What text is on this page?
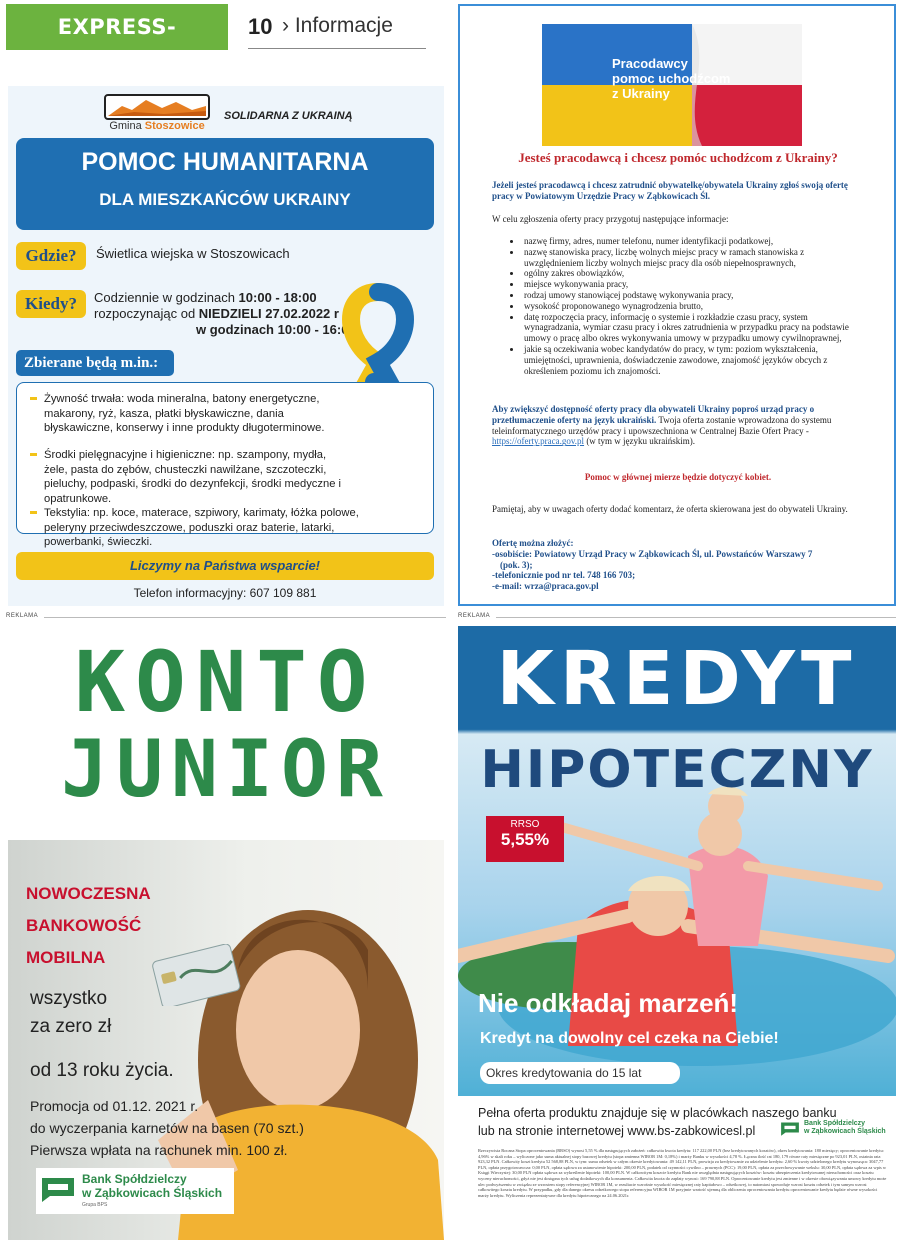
EXPRESS-MIEJSKI.PL
10 › Informacje
Gmina Stoszowice
SOLIDARNA Z UKRAINĄ
POMOC HUMANITARNA
DLA MIESZKAŃCÓW UKRAINY
Gdzie?	Świetlica wiejska w Stoszowicach
Kiedy?	Codziennie w godzinach 10:00 - 18:00
rozpoczynając od NIEDZIELI 27.02.2022 r
w godzinach 10:00 - 16:00
Zbierane będą m.in.:
Żywność trwała: woda mineralna, batony energetyczne, makarony, ryż, kasza, płatki błyskawiczne, dania błyskawiczne, konserwy i inne produkty długoterminowe.
Środki pielęgnacyjne i higieniczne: np. szampony, mydła, żele, pasta do zębów, chusteczki nawilżane, szczoteczki, pieluchy, podpaski, środki do dezynfekcji, środki medyczne i opatrunkowe.
Tekstylia: np. koce, materace, szpiwory, karimaty, łóżka polowe, peleryny przeciwdeszczowe, poduszki oraz baterie, latarki, powerbanki, świeczki.
Liczymy na Państwa wsparcie!
Telefon informacyjny: 607 109 881
Pracodawcy
pomoc uchodźcom
z Ukrainy
Jesteś pracodawcą i chcesz pomóc uchodźcom z Ukrainy?
Jeżeli jesteś pracodawcą i chcesz zatrudnić obywatelkę/obywatela Ukrainy zgłoś swoją ofertę pracy w Powiatowym Urzędzie Pracy w Ząbkowicach Śl.
W celu zgłoszenia oferty pracy przygotuj następujące informacje:
nazwę firmy, adres, numer telefonu, numer identyfikacji podatkowej,
nazwę stanowiska pracy, liczbę wolnych miejsc pracy w ramach stanowiska z uwzględnieniem liczby wolnych miejsc pracy dla osób niepełnosprawnych,
ogólny zakres obowiązków,
miejsce wykonywania pracy,
rodzaj umowy stanowiącej podstawę wykonywania pracy,
wysokość proponowanego wynagrodzenia brutto,
datę rozpoczęcia pracy, informację o systemie i rozkładzie czasu pracy, system wynagradzania, wymiar czasu pracy i okres zatrudnienia w przypadku pracy na podstawie umowy o pracę albo okres wykonywania umowy w przypadku umowy cywilnoprawnej,
jakie są oczekiwania wobec kandydatów do pracy, w tym: poziom wykształcenia, umiejętności, uprawnienia, doświadczenie zawodowe, znajomość języków obcych z określeniem poziomu ich znajomości.
Aby zwiększyć dostępność oferty pracy dla obywateli Ukrainy poproś urząd pracy o przetłumaczenie oferty na język ukraiński. Twoja oferta zostanie wprowadzona do systemu teleinformatycznego urzędów pracy i upowszechniona w Centralnej Bazie Ofert Pracy - https://oferty.praca.gov.pl (w tym w języku ukraińskim).
Pomoc w głównej mierze będzie dotyczyć kobiet.
Pamiętaj, aby w uwagach oferty dodać komentarz, że oferta skierowana jest do obywateli Ukrainy.
Ofertę można złożyć:
-osobiście: Powiatowy Urząd Pracy w Ząbkowicach Śl, ul. Powstańców Warszawy 7
(pok. 3);
-telefonicznie pod nr tel. 748 166 703;
-e-mail: wrza@praca.gov.pl
REKLAMA	REKLAMA
KONTO
JUNIOR
NOWOCZESNA
BANKOWOŚĆ
MOBILNA
wszystko
za zero zł
od 13 roku życia.
Promocja od 01.12. 2021 r.
do wyczerpania karnetów na basen (70 szt.)
Pierwsza wpłata na rachunek min. 100 zł.
Bank Spółdzielczy
w Ząbkowicach Śląskich
Grupa BPS
KREDYT
HIPOTECZNY
RRSO
5,55%
Nie odkładaj marzeń!
Kredyt na dowolny cel czeka na Ciebie!
Okres kredytowania do 15 lat
Pełna oferta produktu znajduje się w placówkach naszego banku
lub na stronie internetowej www.bs-zabkowicesl.pl
Bank Spółdzielczy
w Ząbkowicach Śląskich
Rzeczywista Roczna Stopa oprocentowania (RRSO) wynosi 5,55 % dla następujących założeń: całkowita kwota kredytu: 117 222,00 PLN (bez kredytowanych kosztów), okres kredytowania: 180 miesięcy; oprocentowanie kredytu: 4,96% w skali roku – wyliczone jako suma aktualnej stopy bazowej kredytu (stopa zmienna WIBOR 1M: 0,18%) i marży Banku w wysokości 4,78 %. Łączna ilość rat 180, 179 równe raty miesięczne po 923,01 PLN, ostatnia rata 923,32 PLN. Całkowity koszt kredytu 52 568,88 PLN, w tym: suma odsetek w całym okresie kredytowania: 49 142,11 PLN, prowizja za kredytowanie za udzielenie kredytu: 2,60 % kwoty udzielonego kredytu wynosząca: 3047,77 PLN, opłata przygotowawcza: 0,00 PLN, opłata sądowa za ustanowienie hipoteki: 200,00 PLN, podatek od czynności cywilno – prawnych (PCC): 19,00 PLN, opłata za przechowywanie wekslu: 30,00 PLN, opłata sądowa za wpis w Księgi Wieczystej: 30,00 PLN opłata sądowa za wykreślenie hipoteki: 100,00 PLN. W całkowitym koszcie kredytu Bank nie uwzględnia następujących kosztów: kosztu ubezpieczenia kredytowanej nieruchomości oraz kosztu wyceny nieruchomości, gdyż nie jest dostępna tych usług dodatkowych dla konsumenta. Całkowita kwota do zapłaty wynosi: 169 790,88 PLN. Oprocentowanie kredytu jest zmienne i w okresie obowiązywania umowy kredytu może ulec podwyższeniu w związku ze wzrostem stopy referencyjnej WIBOR 1M, w rezultacie wzrośnie wysokość miesięcznej raty kapitałowo – odsetkowej, to natomiast spowoduje wzrost kosztu odsetek i tym samym wzrost całkowitego kosztu kredytu. W przypadku, gdy dla danego okresu odsetkowego stopa referencyjna WIBOR 1M przyjmie wartość ujemną dla obliczenia oprocentowania kredytu oprocentowanie kredytu będzie równe wysokości marży kredytu. Wyliczenia reprezentatywne dla kredytu hipotecznego na 24.06.2021r.
